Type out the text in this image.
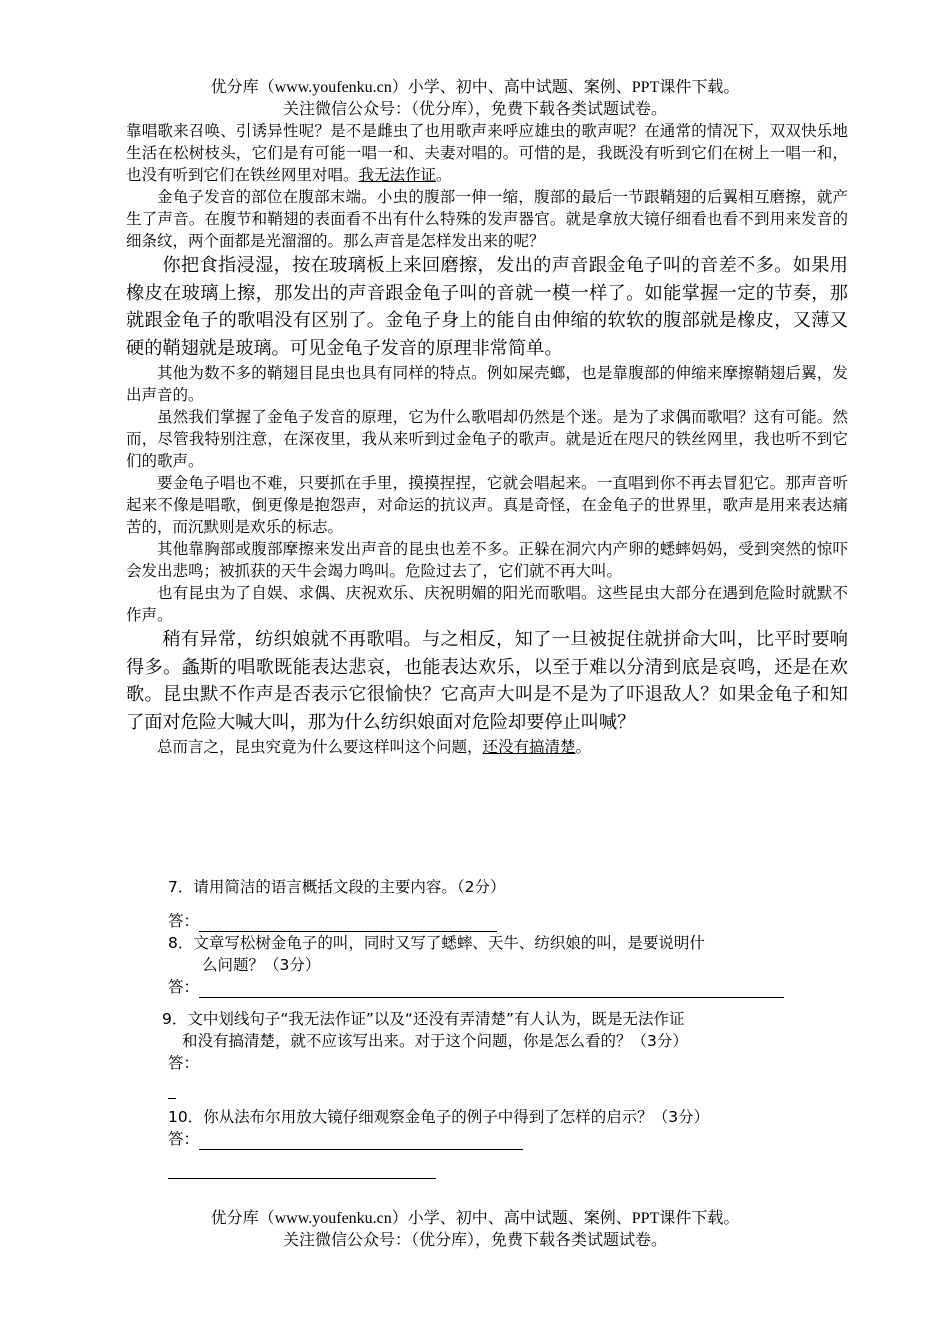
优分库（www.youfenku.cn）小学、初中、高中试题、案例、PPT课件下载。
关注微信公众号：（优分库），免费下载各类试题试卷。

靠唱歌来召唤、引诱异性呢？是不是雌虫了也用歌声来呼应雄虫的歌声呢？在通常的情况下，双双快乐地生活在松树枝头，它们是有可能一唱一和、夫妻对唱的。可惜的是，我既没有听到它们在树上一唱一和，也没有听到它们在铁丝网里对唱。我无法作证。

金龟子发音的部位在腹部末端。小虫的腹部一伸一缩，腹部的最后一节跟鞘翅的后翼相互磨擦，就产生了声音。在腹节和鞘翅的表面看不出有什么特殊的发声器官。就是拿放大镜仔细看也看不到用来发音的细条纹，两个面都是光溜溜的。那么声音是怎样发出来的呢？

你把食指浸湿，按在玻璃板上来回磨擦，发出的声音跟金龟子叫的音差不多。如果用橡皮在玻璃上擦，那发出的声音跟金龟子叫的音就一模一样了。如能掌握一定的节奏，那就跟金龟子的歌唱没有区别了。金龟子身上的能自由伸缩的软软的腹部就是橡皮，又薄又硬的鞘翅就是玻璃。可见金龟子发音的原理非常简单。

其他为数不多的鞘翅目昆虫也具有同样的特点。例如屎壳螂，也是靠腹部的伸缩来摩擦鞘翅后翼，发出声音的。

虽然我们掌握了金龟子发音的原理，它为什么歌唱却仍然是个迷。是为了求偶而歌唱？这有可能。然而，尽管我特别注意，在深夜里，我从来听到过金龟子的歌声。就是近在咫尺的铁丝网里，我也听不到它们的歌声。

要金龟子唱也不难，只要抓在手里，摸摸捏捏，它就会唱起来。一直唱到你不再去冒犯它。那声音听起来不像是唱歌，倒更像是抱怨声，对命运的抗议声。真是奇怪，在金龟子的世界里，歌声是用来表达痛苦的，而沉默则是欢乐的标志。

其他靠胸部或腹部摩擦来发出声音的昆虫也差不多。正躲在洞穴内产卵的蟋蟀妈妈，受到突然的惊吓会发出悲鸣；被抓获的天牛会竭力鸣叫。危险过去了，它们就不再大叫。

也有昆虫为了自娱、求偶、庆祝欢乐、庆祝明媚的阳光而歌唱。这些昆虫大部分在遇到危险时就默不作声。

稍有异常，纺织娘就不再歌唱。与之相反，知了一旦被捉住就拼命大叫，比平时要响得多。螽斯的唱歌既能表达悲哀，也能表达欢乐，以至于难以分清到底是哀鸣，还是在欢歌。昆虫默不作声是否表示它很愉快？它高声大叫是不是为了吓退敌人？如果金龟子和知了面对危险大喊大叫，那为什么纺织娘面对危险却要停止叫喊？

总而言之，昆虫究竟为什么要这样叫这个问题，还没有搞清楚。

7．请用简洁的语言概括文段的主要内容。（2分）
答：
8．文章写松树金龟子的叫，同时又写了蟋蟀、天牛、纺织娘的叫，是要说明什
么问题？（3分）
答：
9．文中划线句子“我无法作证”以及“还没有弄清楚”有人认为，既是无法作证
和没有搞清楚，就不应该写出来。对于这个问题，你是怎么看的？（3分）
答：
10．你从法布尔用放大镜仔细观察金龟子的例子中得到了怎样的启示？（3分）
答：
优分库（www.youfenku.cn）小学、初中、高中试题、案例、PPT课件下载。
关注微信公众号：（优分库），免费下载各类试题试卷。
